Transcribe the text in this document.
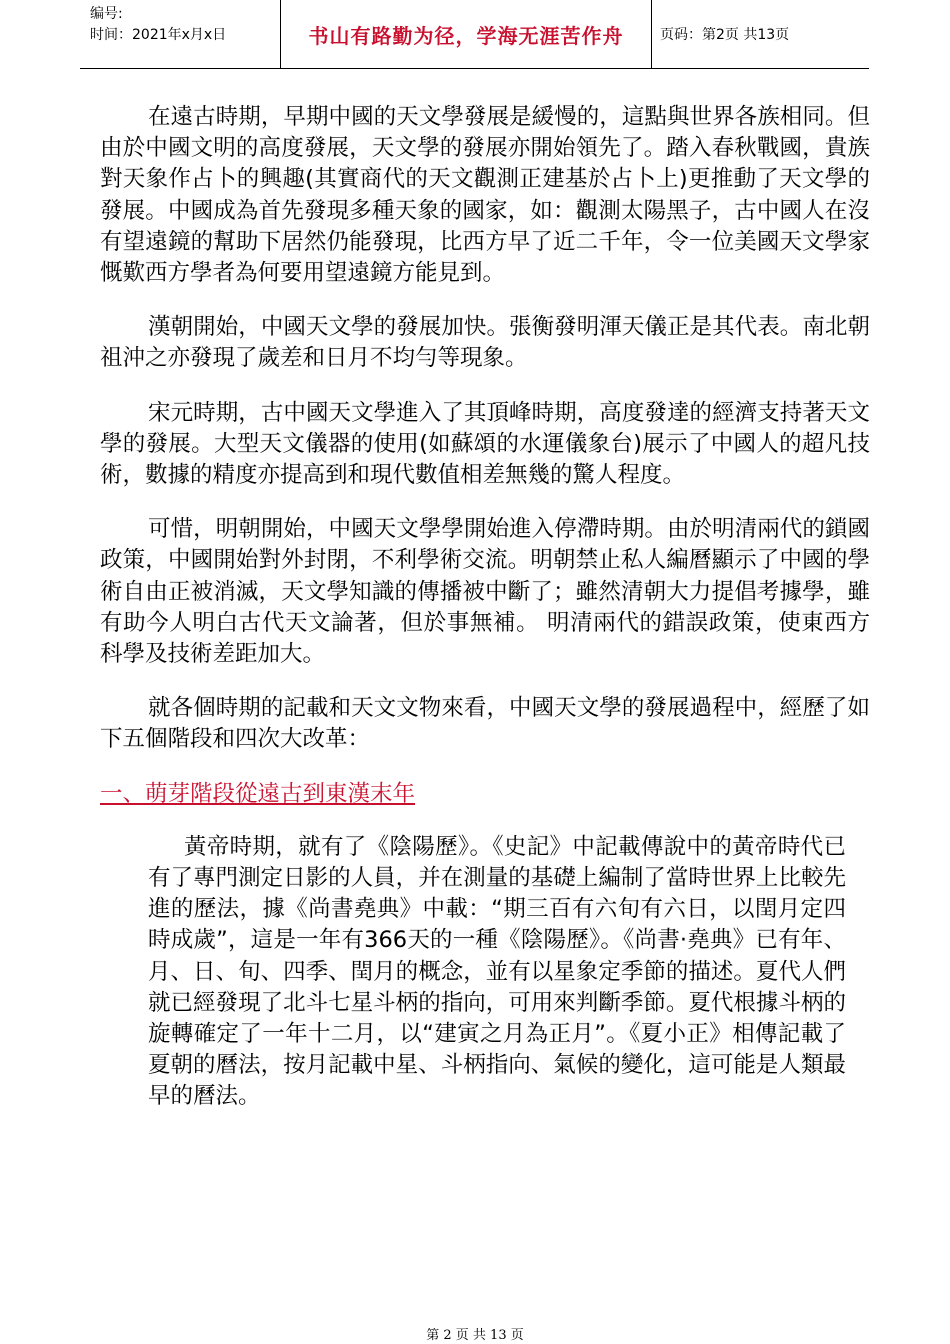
编号:
时间：2021年x月x日	书山有路勤为径，学海无涯苦作舟	页码：第2页 共13页

在遠古時期，早期中國的天文學發展是緩慢的，這點與世界各族相同。但由於中國文明的高度發展，天文學的發展亦開始領先了。踏入春秋戰國，貴族對天象作占卜的興趣(其實商代的天文觀測正建基於占卜上)更推動了天文學的發展。中國成為首先發現多種天象的國家，如：觀測太陽黑子，古中國人在沒有望遠鏡的幫助下居然仍能發現，比西方早了近二千年，令一位美國天文學家慨歎西方學者為何要用望遠鏡方能見到。

漢朝開始，中國天文學的發展加快。張衡發明渾天儀正是其代表。南北朝祖沖之亦發現了歲差和日月不均勻等現象。

宋元時期，古中國天文學進入了其頂峰時期，高度發達的經濟支持著天文學的發展。大型天文儀器的使用(如蘇頌的水運儀象台)展示了中國人的超凡技術，數據的精度亦提高到和現代數值相差無幾的驚人程度。

可惜，明朝開始，中國天文學學開始進入停滯時期。由於明清兩代的鎖國政策，中國開始對外封閉，不利學術交流。明朝禁止私人編曆顯示了中國的學術自由正被消滅，天文學知識的傳播被中斷了；雖然清朝大力提倡考據學，雖有助今人明白古代天文論著，但於事無補。 明清兩代的錯誤政策，使東西方科學及技術差距加大。

就各個時期的記載和天文文物來看，中國天文學的發展過程中，經歷了如下五個階段和四次大改革：

一、萌芽階段從遠古到東漢末年

黃帝時期，就有了《陰陽歷》。《史記》中記載傳說中的黃帝時代已有了專門測定日影的人員，并在測量的基礎上編制了當時世界上比較先進的歷法，據《尚書堯典》中載：“期三百有六旬有六日，以閏月定四時成歲”，這是一年有366天的一種《陰陽歷》。《尚書·堯典》已有年、月、日、旬、四季、閏月的概念，並有以星象定季節的描述。夏代人們就已經發現了北斗七星斗柄的指向，可用來判斷季節。夏代根據斗柄的旋轉確定了一年十二月，以“建寅之月為正月”。《夏小正》相傳記載了夏朝的曆法，按月記載中星、斗柄指向、氣候的變化，這可能是人類最早的曆法。

第 2 页 共 13 页
